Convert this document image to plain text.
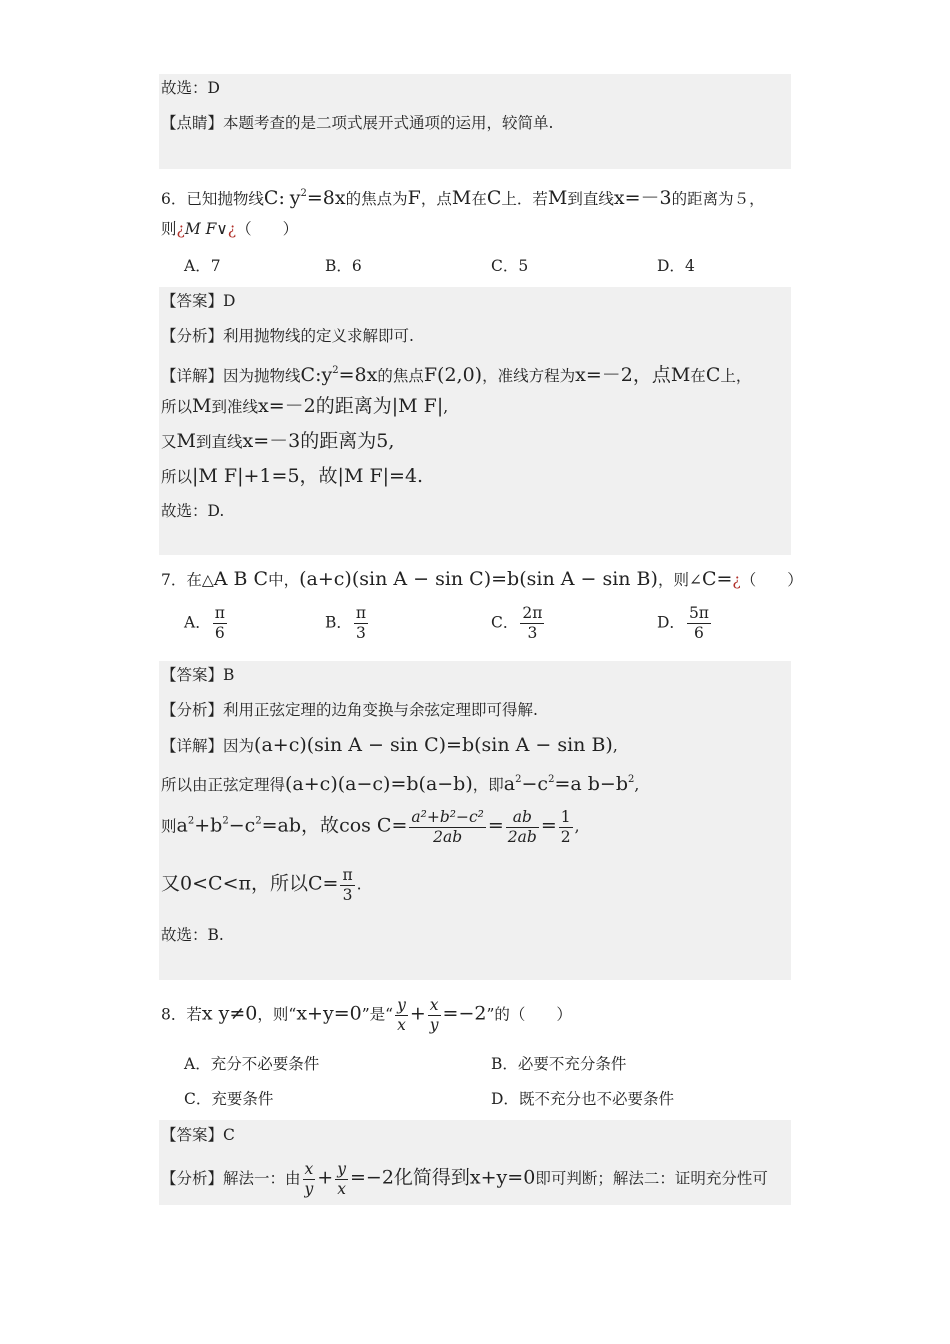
故选：D
【点睛】本题考查的是二项式展开式通项的运用，较简单.
6．已知抛物线C: $y^2=8x$的焦点为F，点M在C上．若M到直线x=－3的距离为５，
则¿M F∨¿（　　）
A．7	B．6	C．5	D．4
【答案】D
【分析】利用抛物线的定义求解即可.
【详解】因为抛物线$C:y^2=8x$的焦点F(2,0)，准线方程为x=－2，点M在C上，
所以M到准线x=－2的距离为|M F|,
又M到直线x=－3的距离为5,
所以|M F|+1=5，故|M F|=4.
故选：D.
7．在△A B C中，(a+c)(sin A − sin C)=b(sin A − sin B)，则∠C=¿（　　）
A． $\frac{\pi}{6}$	B． $\frac{\pi}{3}$	C． $\frac{2\pi}{3}$	D． $\frac{5\pi}{6}$
【答案】B
【分析】利用正弦定理的边角变换与余弦定理即可得解.
【详解】因为(a+c)(sin A − sin C)=b(sin A − sin B),
所以由正弦定理得(a+c)(a−c)=b(a−b)，即$a^2-c^2=a$ $b-b^2$,
则$a^2+b^2-c^2=ab$，故$\cos C= \frac{\text{a²+b²−c²}}{2ab} = \frac{ab}{2ab} = \frac{1}{2}$ ,
又0<C<π，所以$C= \frac{\pi}{3}$ .
故选：B.
8．若x y≠0，则“x+y=0”是“ $\frac{y}{x} + \frac{x}{y} =-2$”的（　　）
A．充分不必要条件	B．必要不充分条件
C．充要条件	D．既不充分也不必要条件
【答案】C
【分析】解法一：由 $\frac{x}{y} + \frac{y}{x} =-2$化简得到x+y=0即可判断；解法二：证明充分性可
